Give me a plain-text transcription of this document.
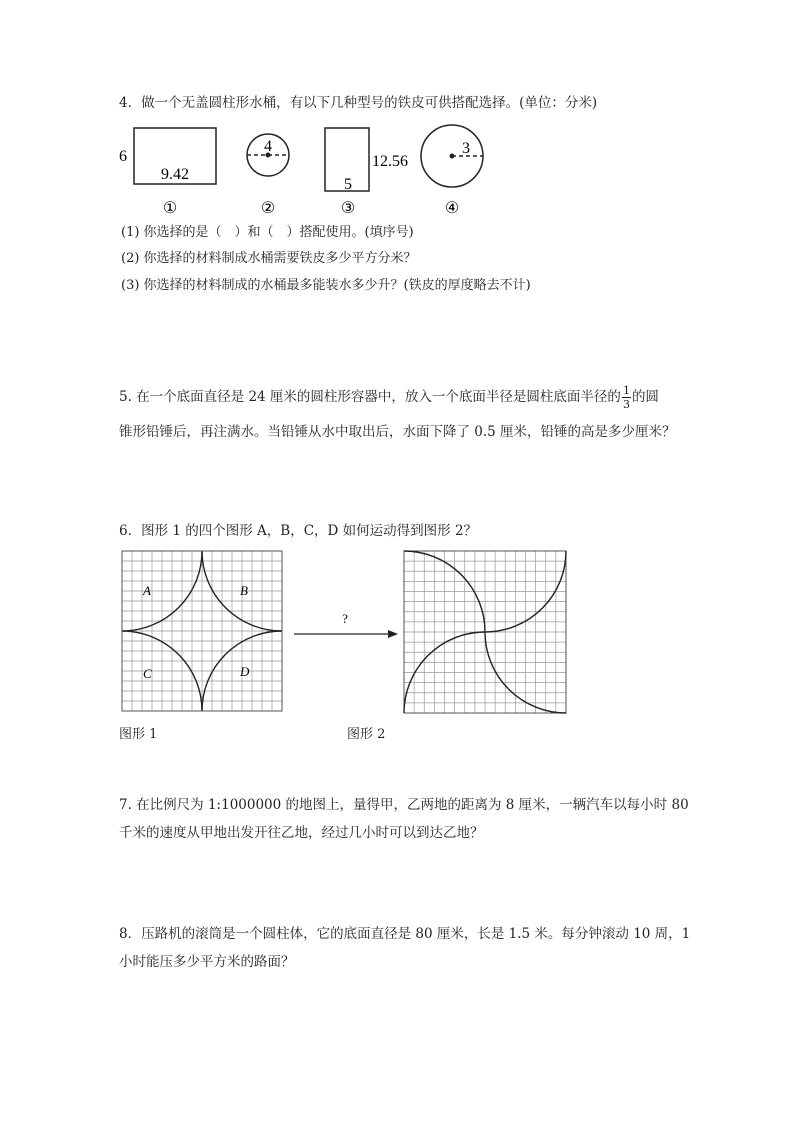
4．做一个无盖圆柱形水桶，有以下几种型号的铁皮可供搭配选择。(单位：分米)
6
9.42
①
4
②
5
12.56
③
3
④
(1) 你选择的是（　）和（　）搭配使用。(填序号)
(2) 你选择的材料制成水桶需要铁皮多少平方分米？
(3) 你选择的材料制成的水桶最多能装水多少升？(铁皮的厚度略去不计)
5. 在一个底面直径是 24 厘米的圆柱形容器中，放入一个底面半径是圆柱底面半径的 $\frac{1}{3}$ 的圆
锥形铅锤后，再注满水。当铅锤从水中取出后，水面下降了 0.5 厘米，铅锤的高是多少厘米？
6．图形 1 的四个图形 A，B，C，D 如何运动得到图形 2？
A	B
C	D
?
图形 1	图形 2
7. 在比例尺为 1:1000000 的地图上，量得甲，乙两地的距离为 8 厘米，一辆汽车以每小时 80
千米的速度从甲地出发开往乙地，经过几小时可以到达乙地？
8．压路机的滚筒是一个圆柱体，它的底面直径是 80 厘米，长是 1.5 米。每分钟滚动 10 周，1
小时能压多少平方米的路面？
